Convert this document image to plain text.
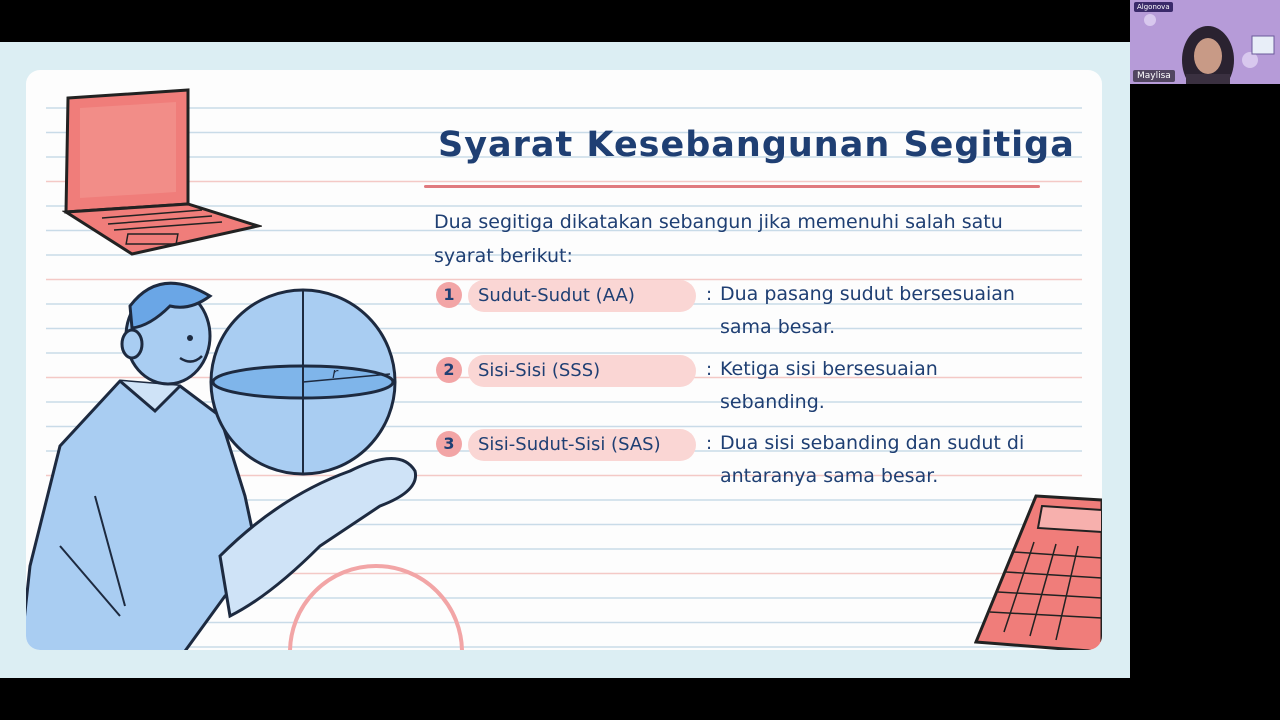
r
Syarat Kesebangunan Segitiga
Dua segitiga dikatakan sebangun jika memenuhi salah satu syarat berikut:
1	Sudut-Sudut (AA)	: Dua pasang sudut bersesuaian sama besar.
2	Sisi-Sisi (SSS)	: Ketiga sisi bersesuaian sebanding.
3	Sisi-Sudut-Sisi (SAS)	: Dua sisi sebanding dan sudut di antaranya sama besar.
Algonova
Maylisa
